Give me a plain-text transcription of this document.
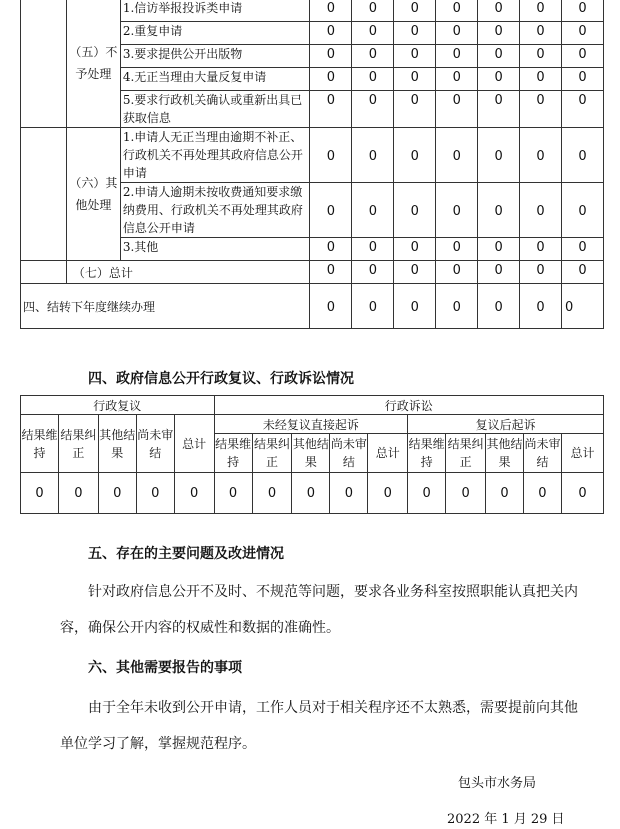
	（五）不予处理	1.信访举报投诉类申请	0	0	0	0	0	0	0
		2.重复申请	0	0	0	0	0	0	0
		3.要求提供公开出版物	0	0	0	0	0	0	0
		4.无正当理由大量反复申请	0	0	0	0	0	0	0
		5.要求行政机关确认或重新出具已获取信息	0	0	0	0	0	0	0
	（六）其他处理	1.申请人无正当理由逾期不补正、行政机关不再处理其政府信息公开申请	0	0	0	0	0	0	0
		2.申请人逾期未按收费通知要求缴纳费用、行政机关不再处理其政府信息公开申请	0	0	0	0	0	0	0
		3.其他	0	0	0	0	0	0	0
	（七）总计		0	0	0	0	0	0	0
四、结转下年度继续办理			0	0	0	0	0	0	0
四、政府信息公开行政复议、行政诉讼情况
行政复议					行政诉讼									
结果维持	结果纠正	其他结果	尚未审结	总计	未经复议直接起诉					复议后起诉				
					结果维持	结果纠正	其他结果	尚未审结	总计	结果维持	结果纠正	其他结果	尚未审结	总计
0	0	0	0	0	0	0	0	0	0	0	0	0	0	0
五、存在的主要问题及改进情况
针对政府信息公开不及时、不规范等问题，要求各业务科室按照职能认真把关内容，确保公开内容的权威性和数据的准确性。
六、其他需要报告的事项
由于全年未收到公开申请，工作人员对于相关程序还不太熟悉，需要提前向其他单位学习了解，掌握规范程序。
包头市水务局
2022 年 1 月 29 日
